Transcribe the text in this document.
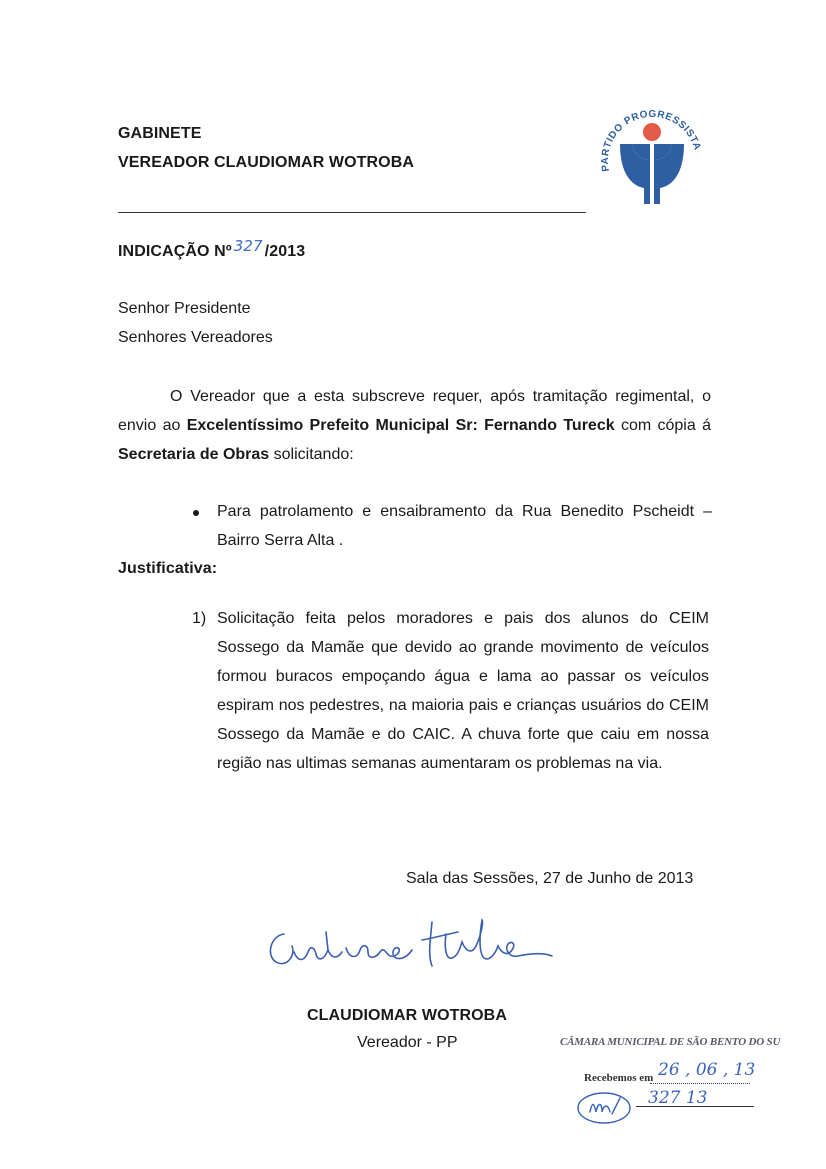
GABINETE
VEREADOR CLAUDIOMAR WOTROBA	PARTIDO PROGRESSISTA
INDICAÇÃO Nº 327 /2013
Senhor Presidente
Senhores Vereadores
O Vereador que a esta subscreve requer, após tramitação regimental, o envio ao Excelentíssimo Prefeito Municipal Sr: Fernando Tureck com cópia á Secretaria de Obras solicitando:
Para patrolamento e ensaibramento da Rua Benedito Pscheidt – Bairro Serra Alta .
Justificativa:
1) Solicitação feita pelos moradores e pais dos alunos do CEIM Sossego da Mamãe que devido ao grande movimento de veículos formou buracos empoçando água e lama ao passar os veículos espiram nos pedestres, na maioria pais e crianças usuários do CEIM Sossego da Mamãe e do CAIC. A chuva forte que caiu em nossa região nas ultimas semanas aumentaram os problemas na via.
Sala das Sessões, 27 de Junho de 2013
CLAUDIOMAR WOTROBA
Vereador - PP	CÂMARA MUNICIPAL DE SÃO BENTO DO SU
Recebemos em 26 , 06 , 13
327 13
